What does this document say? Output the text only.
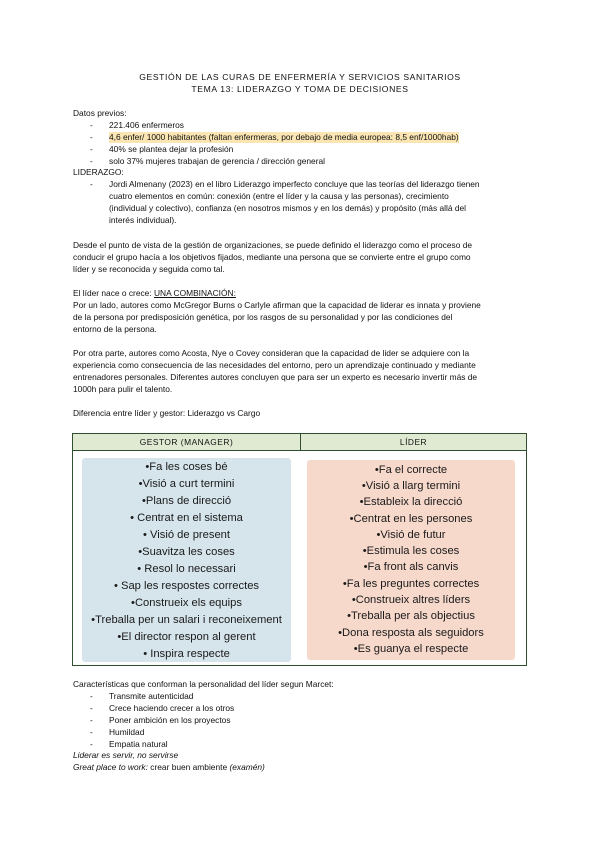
GESTIÓN DE LAS CURAS DE ENFERMERÍA Y SERVICIOS SANITARIOS
TEMA 13: LIDERAZGO Y TOMA DE DECISIONES
Datos previos:
221.406 enfermeros
4,6 enfer/ 1000 habitantes (faltan enfermeras, por debajo de media europea: 8,5 enf/1000hab)
40% se plantea dejar la profesión
solo 37% mujeres trabajan de gerencia / dirección general
LIDERAZGO:
Jordi Almenany (2023) en el libro Liderazgo imperfecto concluye que las teorías del liderazgo tienen
cuatro elementos en común: conexión (entre el líder y la causa y las personas), crecimiento
(individual y colectivo), confianza (en nosotros mismos y en los demás) y propósito (más allá del
interés individual).
Desde el punto de vista de la gestión de organizaciones, se puede definido el liderazgo como el proceso de
conducir el grupo hacía a los objetivos fijados, mediante una persona que se convierte entre el grupo como
líder y se reconocida y seguida como tal.
El líder nace o crece: UNA COMBINACIÓN:
Por un lado, autores como McGregor Burns o Carlyle afirman que la capacidad de liderar es innata y proviene
de la persona por predisposición genética, por los rasgos de su personalidad y por las condiciones del
entorno de la persona.
Por otra parte, autores como Acosta, Nye o Covey consideran que la capacidad de lider se adquiere con la
experiencia como consecuencia de las necesidades del entorno, pero un aprendizaje continuado y mediante
entrenadores personales. Diferentes autores concluyen que para ser un experto es necesario invertir más de
1000h para pulir el talento.
Diferencia entre líder y gestor: Liderazgo vs Cargo
GESTOR (MANAGER)	LÍDER
•Fa les coses bé
•Visió a curt termini
•Plans de direcció
• Centrat en el sistema
• Visió de present
•Suavitza les coses
• Resol lo necessari
• Sap les respostes correctes
•Construeix els equips
•Treballa per un salari i reconeixement
•El director respon al gerent
• Inspira respecte
•Fa el correcte
•Visió a llarg termini
•Estableix la direcció
•Centrat en les persones
•Visió de futur
•Estimula les coses
•Fa front als canvis
•Fa les preguntes correctes
•Construeix altres líders
•Treballa per als objectius
•Dona resposta als seguidors
•Es guanya el respecte
Características que conforman la personalidad del líder segun Marcet:
Transmite autenticidad
Crece haciendo crecer a los otros
Poner ambición en los proyectos
Humildad
Empatia natural
Liderar es servir, no servirse
Great place to work: crear buen ambiente (examén)
